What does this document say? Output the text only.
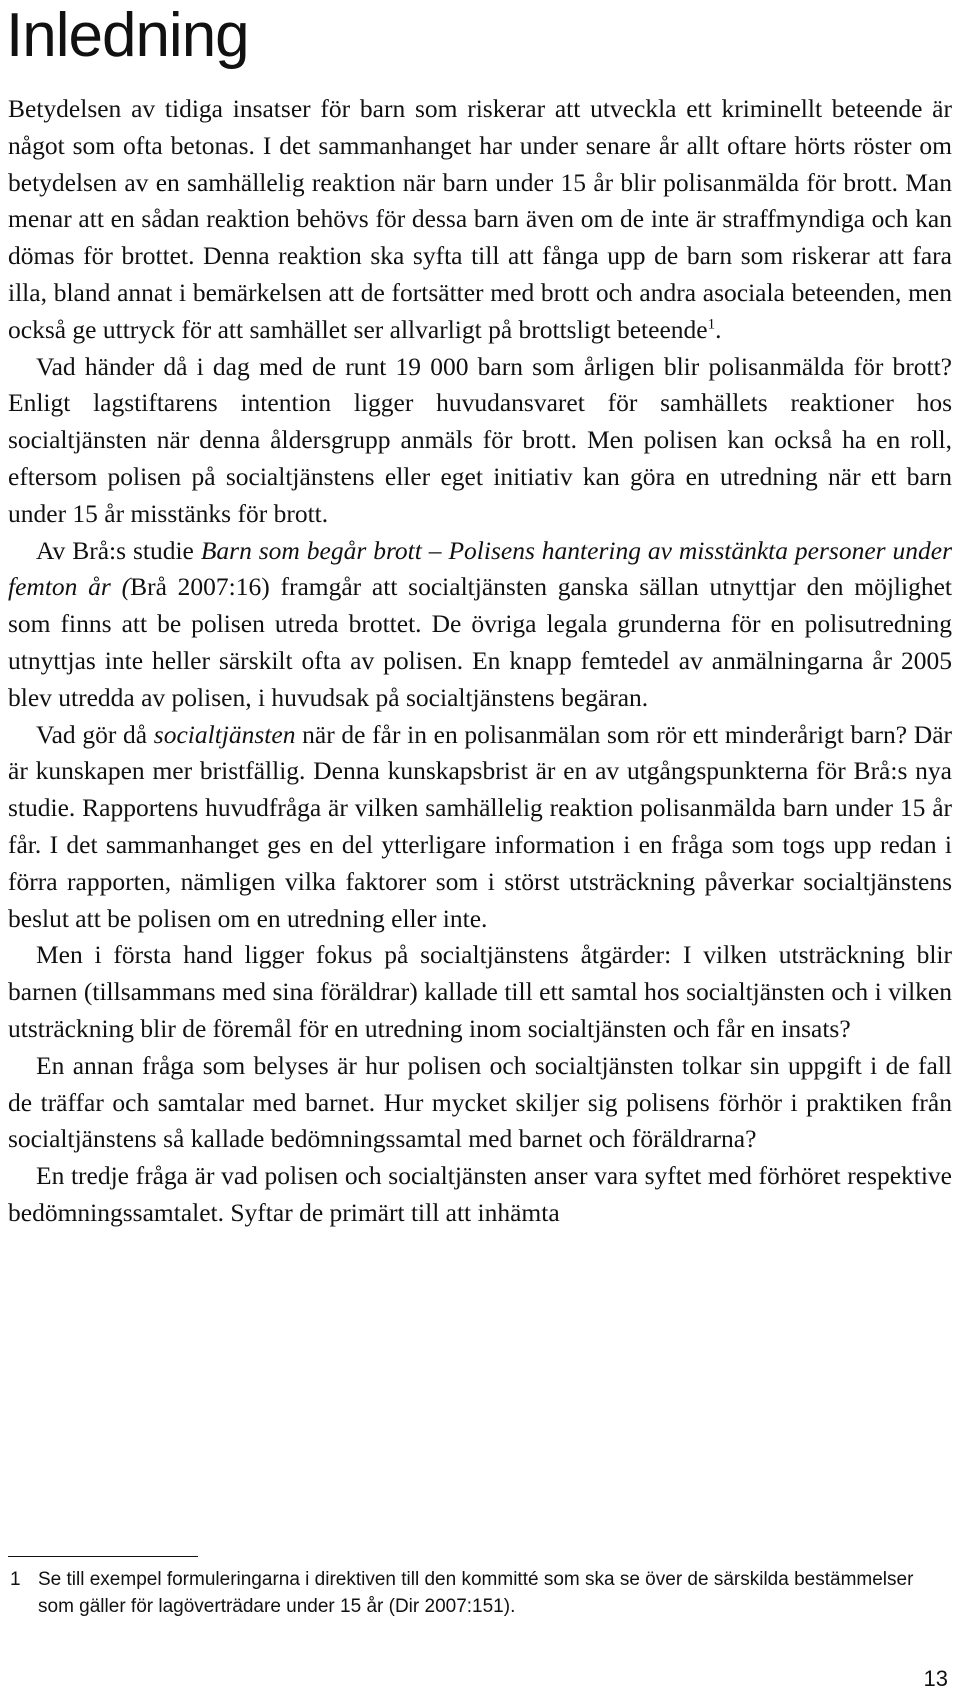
Inledning

Betydelsen av tidiga insatser för barn som riskerar att utveckla ett kriminellt beteende är något som ofta betonas. I det sammanhanget har under senare år allt oftare hörts röster om betydelsen av en samhällelig reaktion när barn under 15 år blir polisanmälda för brott. Man menar att en sådan reaktion behövs för dessa barn även om de inte är straffmyndiga och kan dömas för brottet. Denna reaktion ska syfta till att fånga upp de barn som riskerar att fara illa, bland annat i bemärkelsen att de fortsätter med brott och andra asociala beteenden, men också ge uttryck för att samhället ser allvarligt på brottsligt beteende$^1$.

Vad händer då i dag med de runt 19 000 barn som årligen blir polisanmälda för brott? Enligt lagstiftarens intention ligger huvudansvaret för samhällets reaktioner hos socialtjänsten när denna åldersgrupp anmäls för brott. Men polisen kan också ha en roll, eftersom polisen på socialtjänstens eller eget initiativ kan göra en utredning när ett barn under 15 år misstänks för brott.

Av Brå:s studie Barn som begår brott – Polisens hantering av misstänkta personer under femton år (Brå 2007:16) framgår att socialtjänsten ganska sällan utnyttjar den möjlighet som finns att be polisen utreda brottet. De övriga legala grunderna för en polisutredning utnyttjas inte heller särskilt ofta av polisen. En knapp femtedel av anmälningarna år 2005 blev utredda av polisen, i huvudsak på socialtjänstens begäran.

Vad gör då socialtjänsten när de får in en polisanmälan som rör ett minderårigt barn? Där är kunskapen mer bristfällig. Denna kunskapsbrist är en av utgångspunkterna för Brå:s nya studie. Rapportens huvudfråga är vilken samhällelig reaktion polisanmälda barn under 15 år får. I det sammanhanget ges en del ytterligare information i en fråga som togs upp redan i förra rapporten, nämligen vilka faktorer som i störst utsträckning påverkar socialtjänstens beslut att be polisen om en utredning eller inte.

Men i första hand ligger fokus på socialtjänstens åtgärder: I vilken utsträckning blir barnen (tillsammans med sina föräldrar) kallade till ett samtal hos socialtjänsten och i vilken utsträckning blir de föremål för en utredning inom socialtjänsten och får en insats?

En annan fråga som belyses är hur polisen och socialtjänsten tolkar sin uppgift i de fall de träffar och samtalar med barnet. Hur mycket skiljer sig polisens förhör i praktiken från socialtjänstens så kallade bedömningssamtal med barnet och föräldrarna?

En tredje fråga är vad polisen och socialtjänsten anser vara syftet med förhöret respektive bedömningssamtalet. Syftar de primärt till att inhämta

1 Se till exempel formuleringarna i direktiven till den kommitté som ska se över de särskilda bestämmelser som gäller för lagöverträdare under 15 år (Dir 2007:151).
13
